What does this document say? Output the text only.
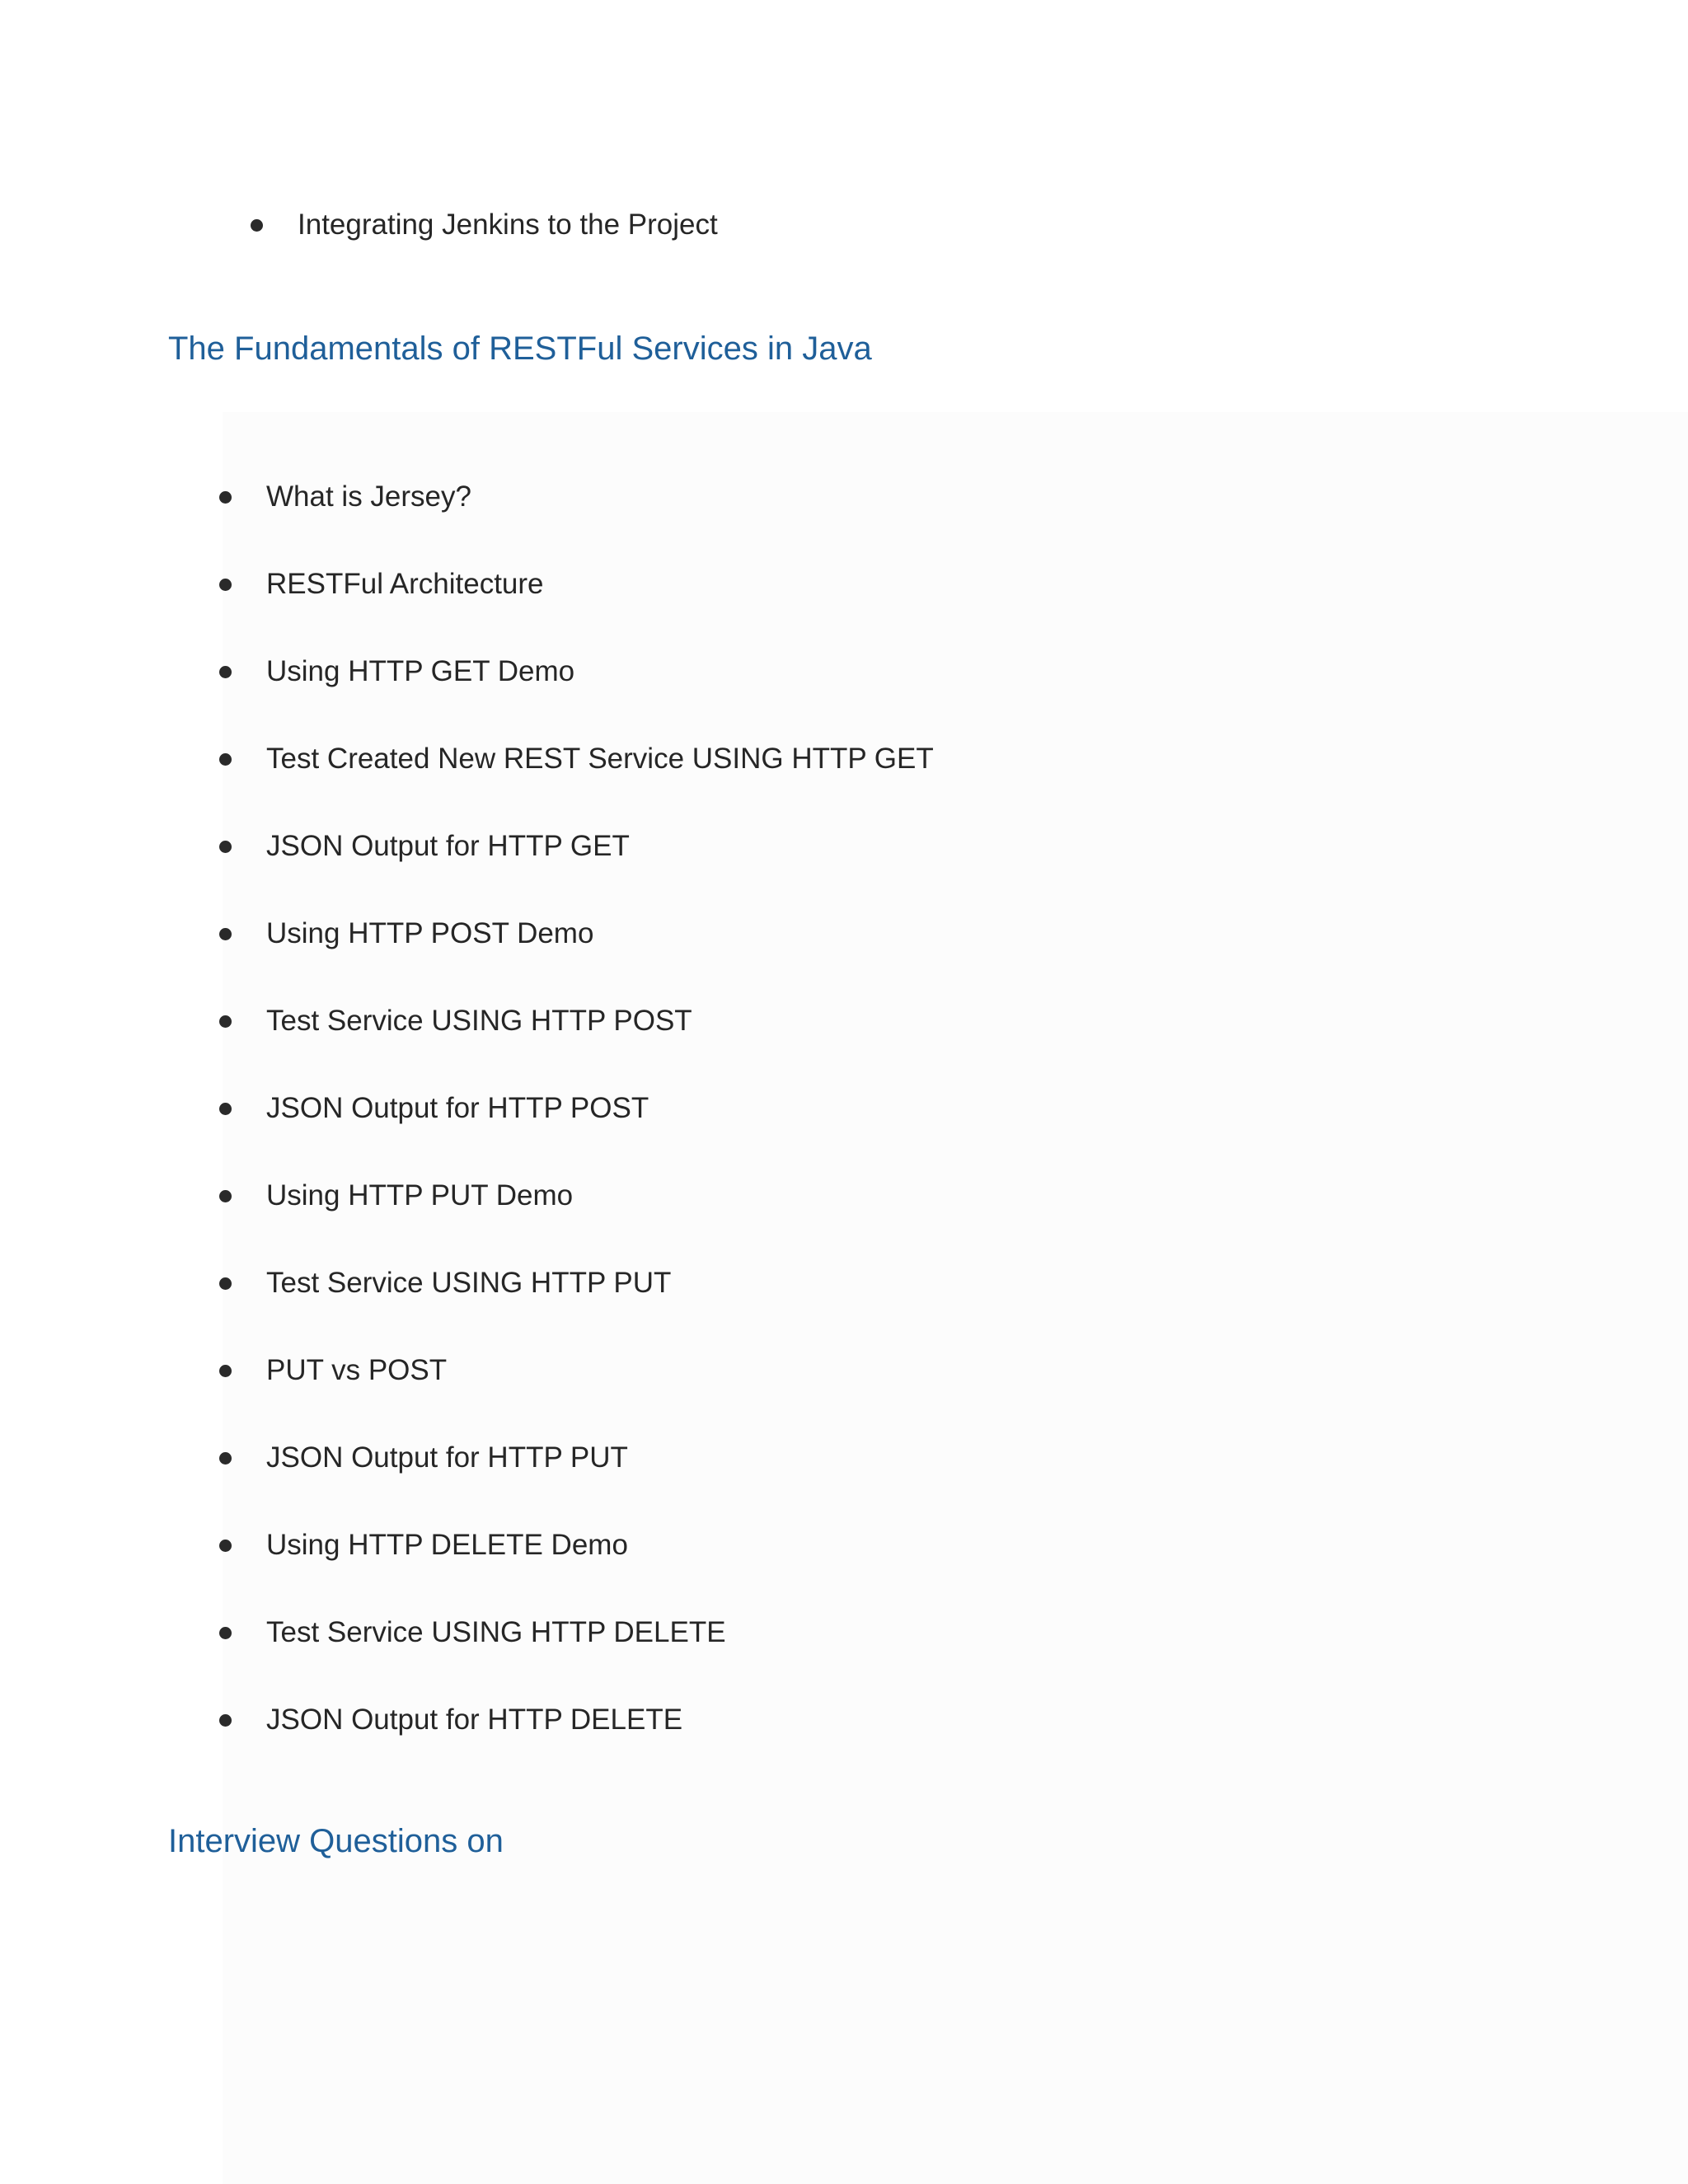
Integrating Jenkins to the Project
The Fundamentals of RESTFul Services in Java
What is Jersey?
RESTFul Architecture
Using HTTP GET Demo
Test Created New REST Service USING HTTP GET
JSON Output for HTTP GET
Using HTTP POST Demo
Test Service USING HTTP POST
JSON Output for HTTP POST
Using HTTP PUT Demo
Test Service USING HTTP PUT
PUT vs POST
JSON Output for HTTP PUT
Using HTTP DELETE Demo
Test Service USING HTTP DELETE
JSON Output for HTTP DELETE
Interview Questions on
